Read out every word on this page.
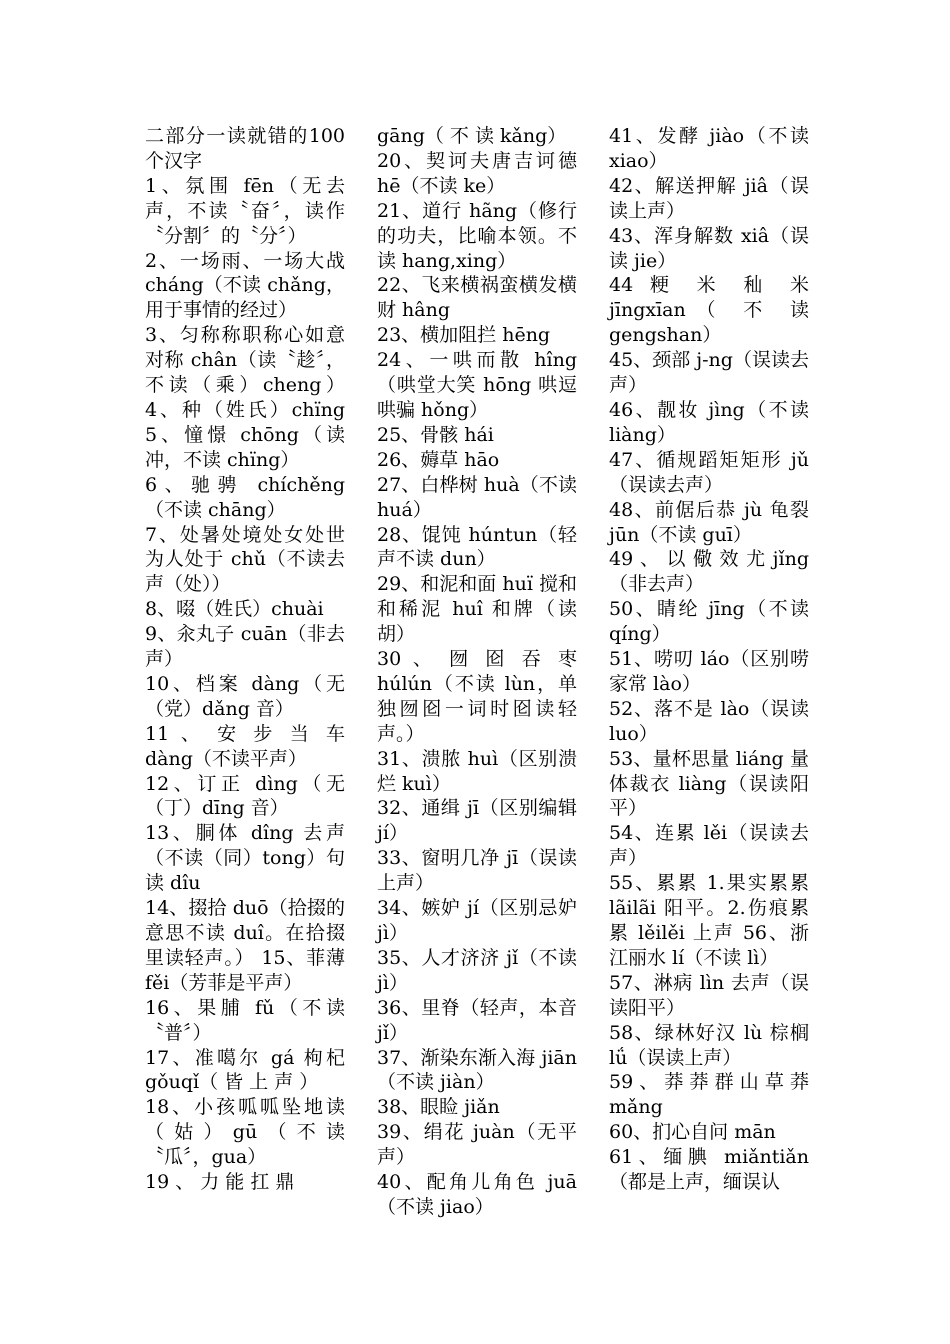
二部分一读就错的100个汉字

1、氛围 fēn（无去声，不读〝奋〞，读作〝分割〞的〝分〞）

2、一场雨、一场大战 cháng（不读 chǎng，用于事情的经过）

3、匀称称职称心如意对称 chân（读〝趁〞，不读（乘）cheng） 4、种（姓氏）chïng 5、憧憬 chōng（读冲，不读 chïng）

6、驰骋 chíchěng（不读 chāng）

7、处暑处境处女处世为人处于 chǔ（不读去声（处））

8、啜（姓氏）chuài

9、汆丸子 cuān（非去声）

10、档案 dàng（无（党）dǎng 音）

11 、 安 步 当 车 dàng（不读平声）

12、订正 dìng（无（丁）dīng 音）

13、胴体 dîng 去声（不读（同）tong）句读 dîu

14、掇拾 duō（拾掇的意思不读 duî。在拾掇里读轻声。） 15、菲薄 fěi（芳菲是平声）

16、果脯 fǔ（不读〝普〞）

17、准噶尔 gá 枸杞 gǒuqǐ（ 皆 上 声 ）

18、小孩呱呱坠地读（姑）gū（不读〝瓜〞，gua）

19 、 力 能 扛 鼎

gāng（ 不 读 kǎng）

20、契诃夫唐吉诃德 hē（不读 ke）

21、道行 hãng（修行的功夫，比喻本领。不 读 hang,xing）

22、飞来横祸蛮横发横财 hâng

23、横加阻拦 hēng

24、一哄而散 hîng（哄堂大笑 hōng 哄逗哄骗 hǒng）

25、骨骸 hái

26、薅草 hāo

27、白桦树 huà（不读 huá）

28、馄饨 húntun（轻声不读 dun）

29、和泥和面 huï 搅和和稀泥 huî 和牌（读胡）

30 、 囫 囵 吞 枣 húlún（不读 lùn，单独囫囵一词时囵读轻声。）

31、溃脓 huì（区别溃烂 kuì）

32、通缉 jī（区别编辑 jí）

33、窗明几净 jī（误读上声）

34、嫉妒 jí（区别忌妒 jì）

35、人才济济 jǐ（不读 jì）

36、里脊（轻声，本音 jǐ）

37、渐染东渐入海 jiān（不读 jiàn）

38、眼睑 jiǎn

39、绢花 juàn（无平声）

40、配角儿角色 juā（不读 jiao）

41、发酵 jiào（不读 xiao）

42、解送押解 jiâ（误读上声）

43、浑身解数 xiâ（误读 jie）

44 粳 米 秈 米 jīngxīan（ 不 读 gengshan）

45、颈部 j-ng（误读去声）

46、靓妆 jìng（不读 liàng）

47、循规蹈矩矩形 jǔ（误读去声）

48、前倨后恭 jù 龟裂 jūn（不读 guī）

49 、 以 儆 效 尤 jǐng（非去声）

50、睛纶 jīng（不读 qíng）

51、唠叨 láo（区别唠家常 lào）

52、落不是 lào（误读 luo）

53、量杯思量 liáng 量体裁衣 liàng（误读阳平）

54、连累 lěi（误读去声）

55、累累 1.果实累累 lãilãi 阳平。2.伤痕累累 lěilěi 上声 56、浙江丽水 lí（不读 lì）

57、淋病 lìn 去声（误读阳平）

58、绿林好汉 lù 棕榈 lǘ（误读上声）

59、莽莽群山草莽 mǎng

60、扪心自问 mān

61、缅腆 miǎntiǎn（都是上声，缅误认
